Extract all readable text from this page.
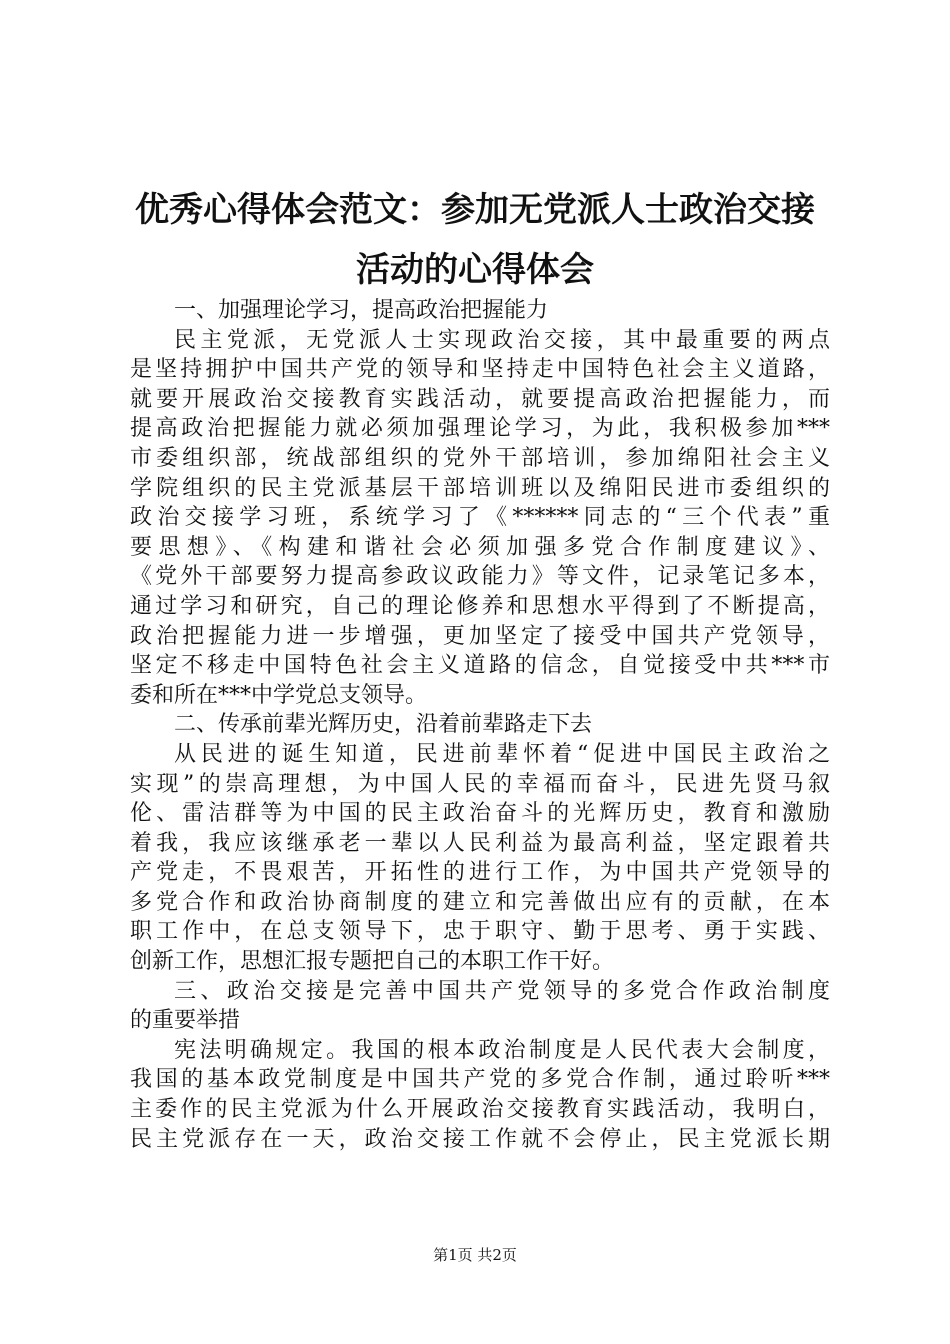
优秀心得体会范文：参加无党派人士政治交接
活动的心得体会
一、加强理论学习，提高政治把握能力
民主党派，无党派人士实现政治交接，其中最重要的两点
是坚持拥护中国共产党的领导和坚持走中国特色社会主义道路，
就要开展政治交接教育实践活动，就要提高政治把握能力，而
提高政治把握能力就必须加强理论学习，为此，我积极参加***
市委组织部，统战部组织的党外干部培训，参加绵阳社会主义
学院组织的民主党派基层干部培训班以及绵阳民进市委组织的
政治交接学习班，系统学习了《******同志的“三个代表”重
要思想》、《构建和谐社会必须加强多党合作制度建议》、
《党外干部要努力提高参政议政能力》等文件，记录笔记多本，
通过学习和研究，自己的理论修养和思想水平得到了不断提高，
政治把握能力进一步增强，更加坚定了接受中国共产党领导，
坚定不移走中国特色社会主义道路的信念，自觉接受中共***市
委和所在***中学党总支领导。
二、传承前辈光辉历史，沿着前辈路走下去
从民进的诞生知道，民进前辈怀着“促进中国民主政治之
实现”的崇高理想，为中国人民的幸福而奋斗，民进先贤马叙
伦、雷洁群等为中国的民主政治奋斗的光辉历史，教育和激励
着我，我应该继承老一辈以人民利益为最高利益，坚定跟着共
产党走，不畏艰苦，开拓性的进行工作，为中国共产党领导的
多党合作和政治协商制度的建立和完善做出应有的贡献，在本
职工作中，在总支领导下，忠于职守、勤于思考、勇于实践、
创新工作，思想汇报专题把自己的本职工作干好。
三、政治交接是完善中国共产党领导的多党合作政治制度
的重要举措
宪法明确规定。我国的根本政治制度是人民代表大会制度，
我国的基本政党制度是中国共产党的多党合作制，通过聆听***
主委作的民主党派为什么开展政治交接教育实践活动，我明白，
民主党派存在一天，政治交接工作就不会停止，民主党派长期
第1页 共2页
